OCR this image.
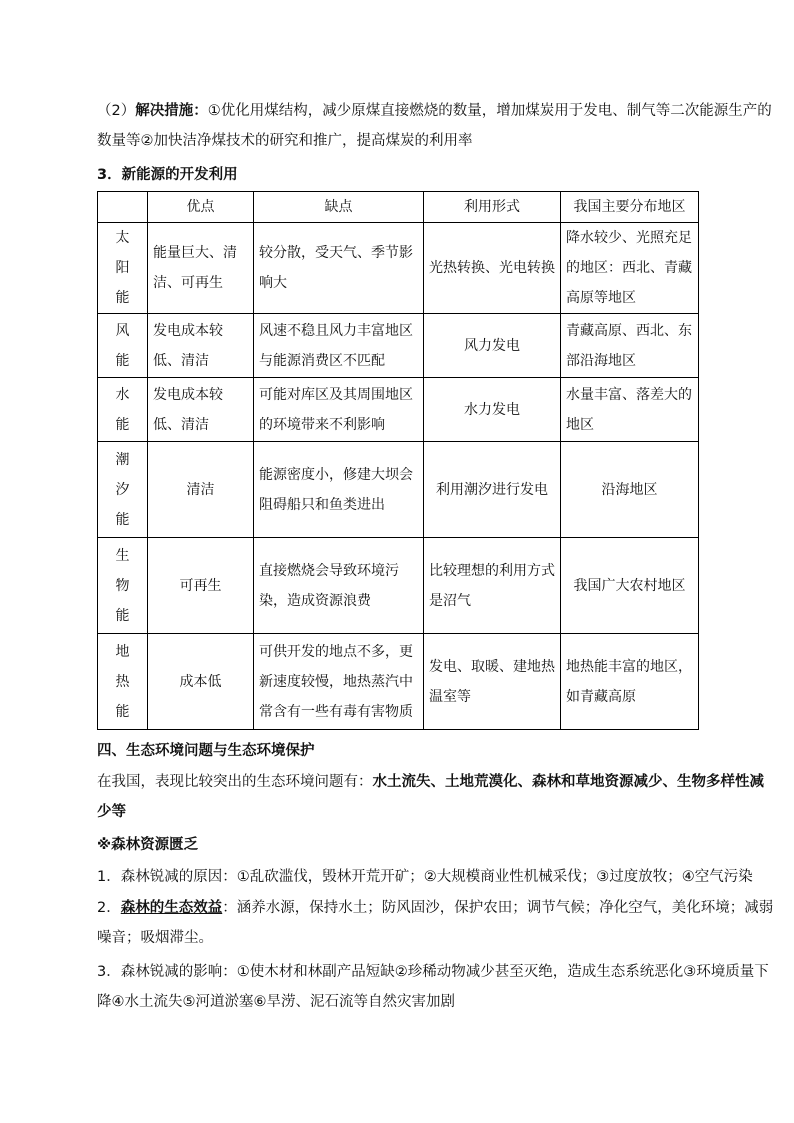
（2）解决措施：①优化用煤结构，减少原煤直接燃烧的数量，增加煤炭用于发电、制气等二次能源生产的
数量等②加快洁净煤技术的研究和推广，提高煤炭的利用率
3．新能源的开发利用
	优点	缺点	利用形式	我国主要分布地区
太阳能	能量巨大、清洁、可再生	较分散，受天气、季节影响大	光热转换、光电转换	降水较少、光照充足的地区：西北、青藏高原等地区
风能	发电成本较低、清洁	风速不稳且风力丰富地区与能源消费区不匹配	风力发电	青藏高原、西北、东部沿海地区
水能	发电成本较低、清洁	可能对库区及其周围地区的环境带来不利影响	水力发电	水量丰富、落差大的地区
潮汐能	清洁	能源密度小，修建大坝会阻碍船只和鱼类进出	利用潮汐进行发电	沿海地区
生物能	可再生	直接燃烧会导致环境污染，造成资源浪费	比较理想的利用方式是沼气	我国广大农村地区
地热能	成本低	可供开发的地点不多，更新速度较慢，地热蒸汽中常含有一些有毒有害物质	发电、取暖、建地热温室等	地热能丰富的地区，如青藏高原
四、生态环境问题与生态环境保护
在我国，表现比较突出的生态环境问题有：水土流失、土地荒漠化、森林和草地资源减少、生物多样性减
少等
※森林资源匮乏
1．森林锐减的原因：①乱砍滥伐，毁林开荒开矿；②大规模商业性机械采伐；③过度放牧；④空气污染
2．森林的生态效益：涵养水源，保持水土；防风固沙，保护农田；调节气候；净化空气，美化环境；减弱
噪音；吸烟滞尘。
3．森林锐减的影响：①使木材和林副产品短缺②珍稀动物减少甚至灭绝，造成生态系统恶化③环境质量下
降④水土流失⑤河道淤塞⑥旱涝、泥石流等自然灾害加剧
